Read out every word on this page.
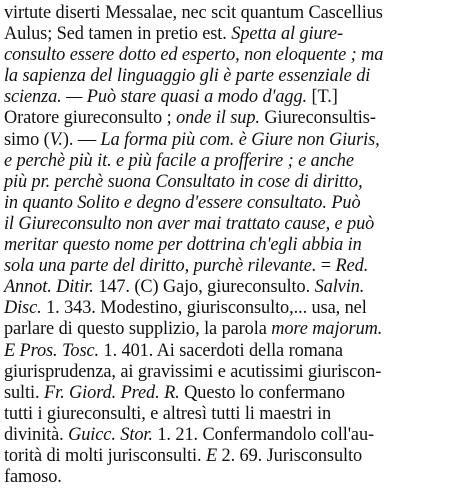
virtute diserti Messalae, nec scit quantum Cascellius
Aulus; Sed tamen in pretio est. Spetta al giure-
consulto essere dotto ed esperto, non eloquente ; ma
la sapienza del linguaggio gli è parte essenziale di
scienza. — Può stare quasi a modo d'agg. [T.]
Oratore giureconsulto ; onde il sup. Giureconsultis-
simo (V.). — La forma più com. è Giure non Giuris,
e perchè più it. e più facile a profferire ; e anche
più pr. perchè suona Consultato in cose di diritto,
in quanto Solito e degno d'essere consultato. Può
il Giureconsulto non aver mai trattato cause, e può
meritar questo nome per dottrina ch'egli abbia in
sola una parte del diritto, purchè rilevante. = Red.
Annot. Ditir. 147. (C) Gajo, giureconsulto. Salvin.
Disc. 1. 343. Modestino, giurisconsulto,... usa, nel
parlare di questo supplizio, la parola more majorum.
E Pros. Tosc. 1. 401. Ai sacerdoti della romana
giurisprudenza, ai gravissimi e acutissimi giuriscon-
sulti. Fr. Giord. Pred. R. Questo lo confermano
tutti i giureconsulti, e altresì tutti li maestri in
divinità. Guicc. Stor. 1. 21. Confermandolo coll'au-
torità di molti jurisconsulti. E 2. 69. Jurisconsulto
famoso.
